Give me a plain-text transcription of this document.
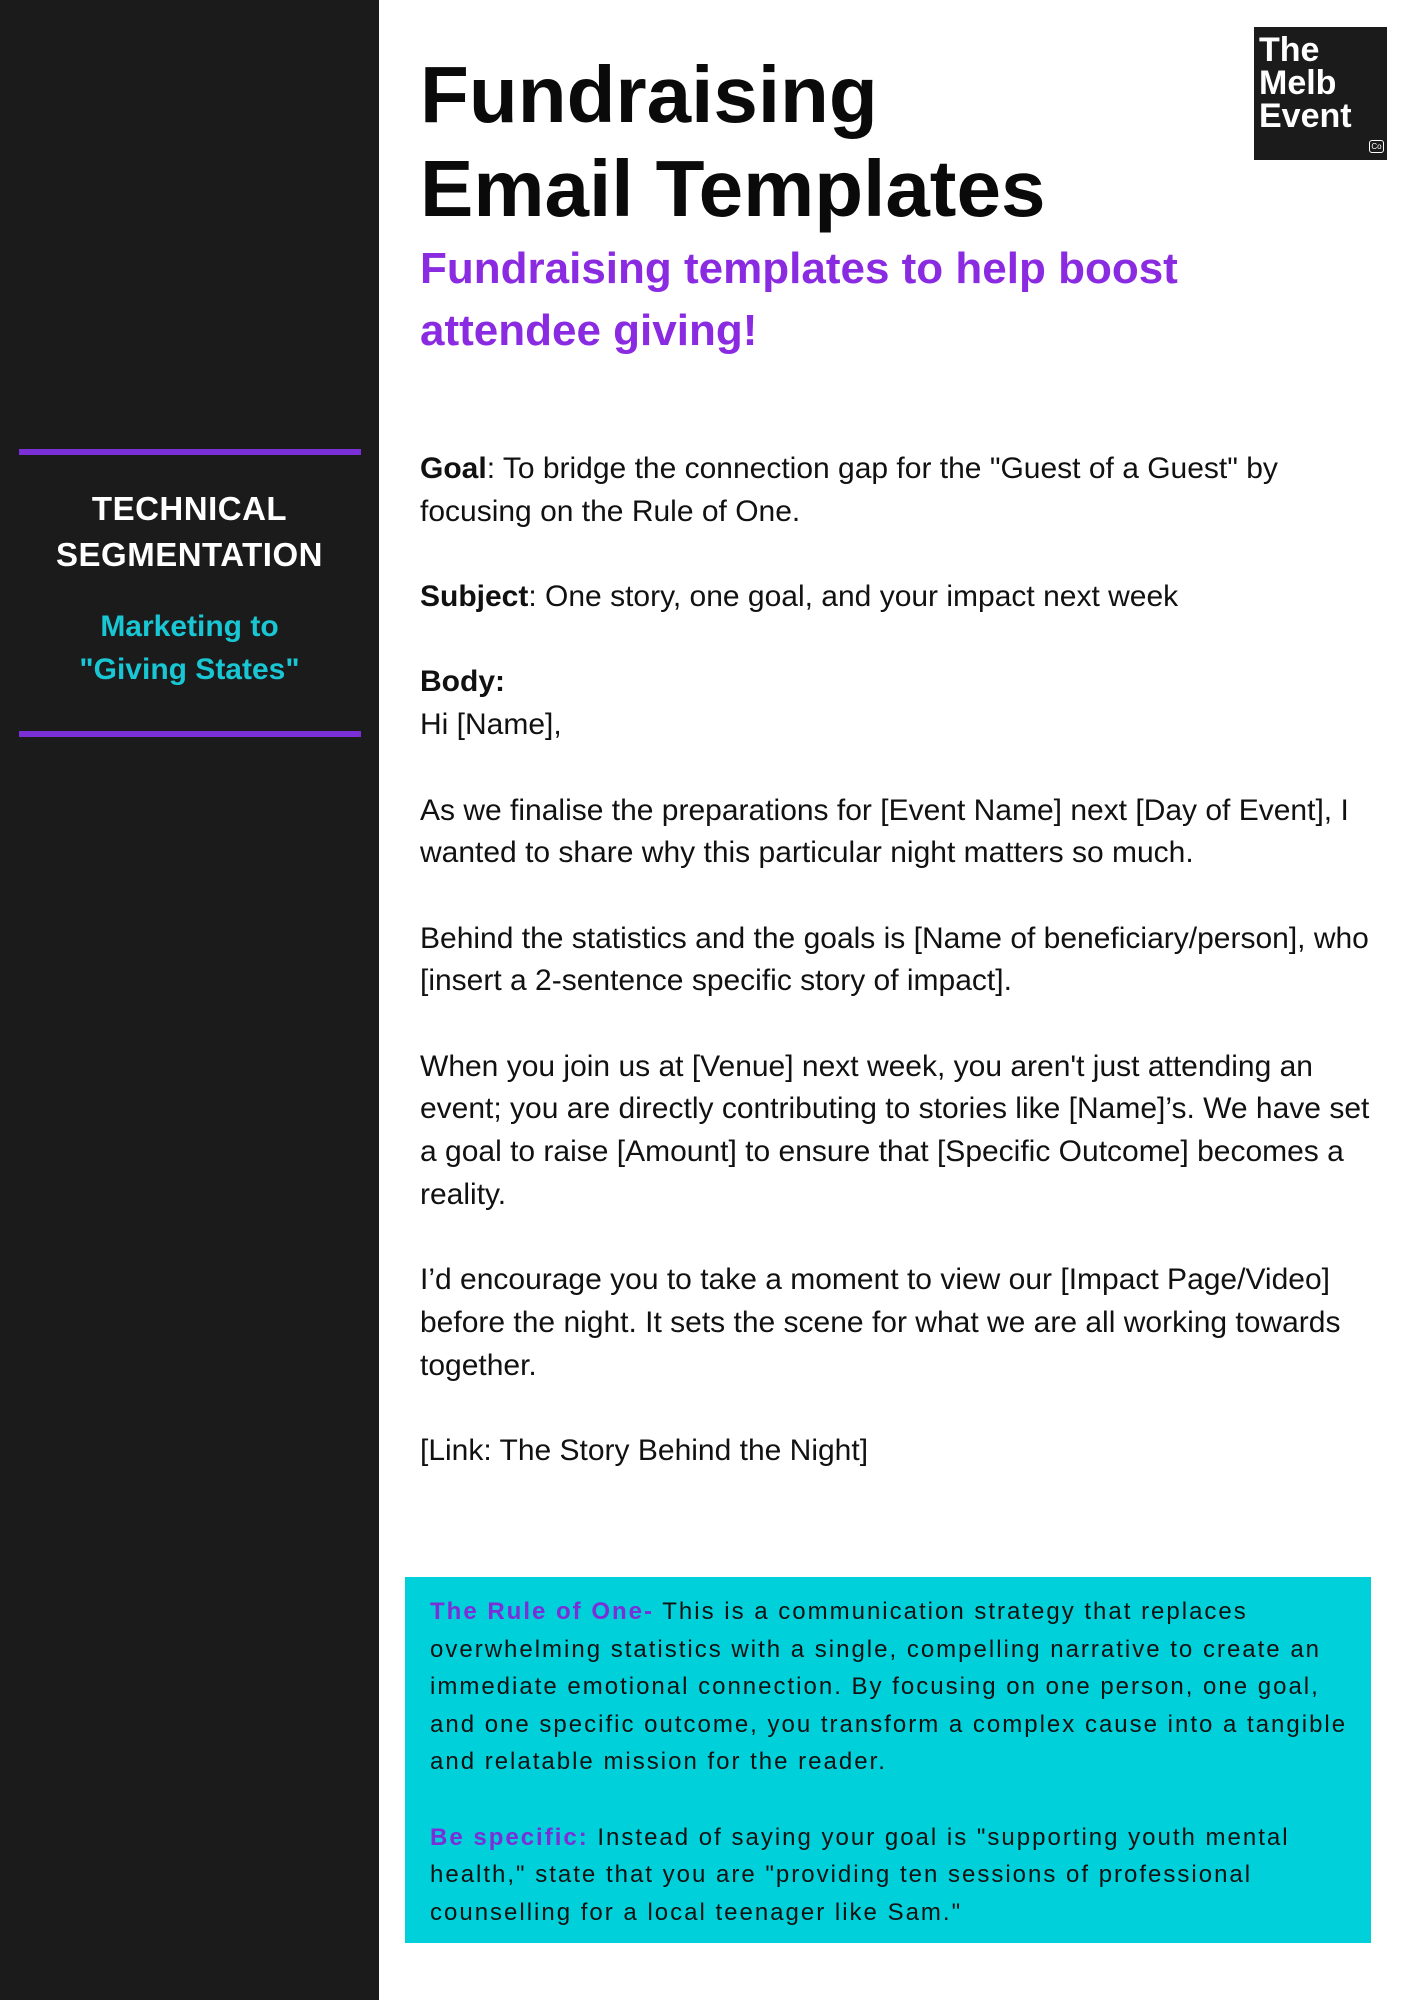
TECHNICAL
SEGMENTATION
Marketing to
"Giving States"
The
Melb
Event
Co
Fundraising
Email Templates
Fundraising templates to help boost
attendee giving!

Goal: To bridge the connection gap for the "Guest of a Guest" by focusing on the Rule of One.

Subject: One story, one goal, and your impact next week

Body:
Hi [Name],

As we finalise the preparations for [Event Name] next [Day of Event], I wanted to share why this particular night matters so much.

Behind the statistics and the goals is [Name of beneficiary/person], who [insert a 2-sentence specific story of impact].

When you join us at [Venue] next week, you aren't just attending an event; you are directly contributing to stories like [Name]’s. We have set a goal to raise [Amount] to ensure that [Specific Outcome] becomes a reality.

I’d encourage you to take a moment to view our [Impact Page/Video] before the night. It sets the scene for what we are all working towards together.

[Link: The Story Behind the Night]

The Rule of One- This is a communication strategy that replaces overwhelming statistics with a single, compelling narrative to create an immediate emotional connection. By focusing on one person, one goal, and one specific outcome, you transform a complex cause into a tangible and relatable mission for the reader.

Be specific: Instead of saying your goal is "supporting youth mental health," state that you are "providing ten sessions of professional counselling for a local teenager like Sam."
